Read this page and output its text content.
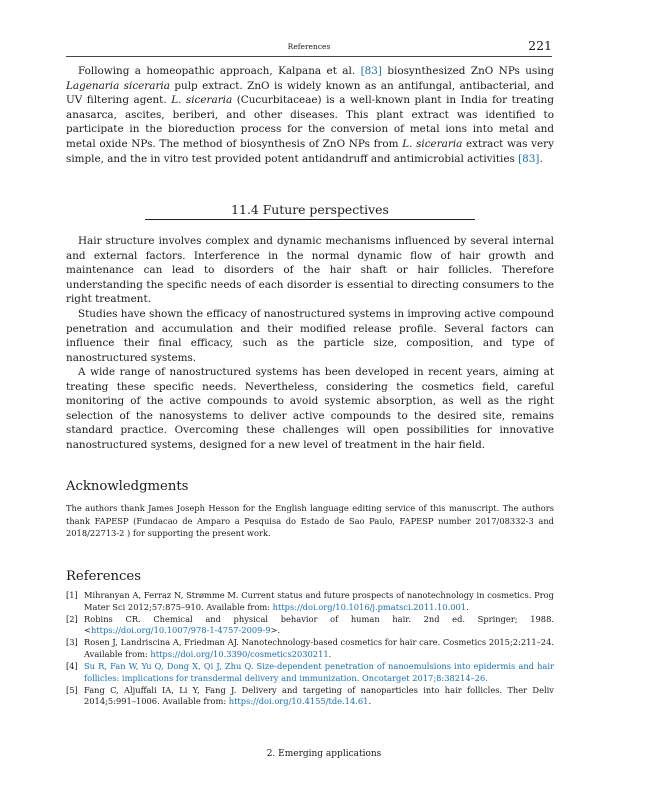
References	221

Following a homeopathic approach, Kalpana et al. [83] biosynthesized ZnO NPs using Lagenaria siceraria pulp extract. ZnO is widely known as an antifungal, antibacterial, and UV filtering agent. L. siceraria (Cucurbitaceae) is a well-known plant in India for treating anasarca, ascites, beriberi, and other diseases. This plant extract was identified to participate in the bioreduction process for the conversion of metal ions into metal and metal oxide NPs. The method of biosynthesis of ZnO NPs from L. siceraria extract was very simple, and the in vitro test provided potent antidandruff and antimicrobial activities [83].

11.4 Future perspectives

Hair structure involves complex and dynamic mechanisms influenced by several internal and external factors. Interference in the normal dynamic flow of hair growth and maintenance can lead to disorders of the hair shaft or hair follicles. Therefore understanding the specific needs of each disorder is essential to directing consumers to the right treatment.

Studies have shown the efficacy of nanostructured systems in improving active compound penetration and accumulation and their modified release profile. Several factors can influence their final efficacy, such as the particle size, composition, and type of nanostructured systems.

A wide range of nanostructured systems has been developed in recent years, aiming at treating these specific needs. Nevertheless, considering the cosmetics field, careful monitoring of the active compounds to avoid systemic absorption, as well as the right selection of the nanosystems to deliver active compounds to the desired site, remains standard practice. Overcoming these challenges will open possibilities for innovative nanostructured systems, designed for a new level of treatment in the hair field.

Acknowledgments

The authors thank James Joseph Hesson for the English language editing service of this manuscript. The authors thank FAPESP (Fundacao de Amparo a Pesquisa do Estado de Sao Paulo, FAPESP number 2017/08332-3 and 2018/22713-2 ) for supporting the present work.

References
[1] Mihranyan A, Ferraz N, Strømme M. Current status and future prospects of nanotechnology in cosmetics. Prog Mater Sci 2012;57:875–910. Available from: https://doi.org/10.1016/j.pmatsci.2011.10.001.
[2] Robins CR. Chemical and physical behavior of human hair. 2nd ed. Springer; 1988. <https://doi.org/10.1007/978-1-4757-2009-9>.
[3] Rosen J, Landriscina A, Friedman AJ. Nanotechnology-based cosmetics for hair care. Cosmetics 2015;2:211–24. Available from: https://doi.org/10.3390/cosmetics2030211.
[4] Su R, Fan W, Yu Q, Dong X, Qi J, Zhu Q. Size-dependent penetration of nanoemulsions into epidermis and hair follicles: implications for transdermal delivery and immunization. Oncotarget 2017;8:38214–26.
[5] Fang C, Aljuffali IA, Li Y, Fang J. Delivery and targeting of nanoparticles into hair follicles. Ther Deliv 2014;5:991–1006. Available from: https://doi.org/10.4155/tde.14.61.
2. Emerging applications
